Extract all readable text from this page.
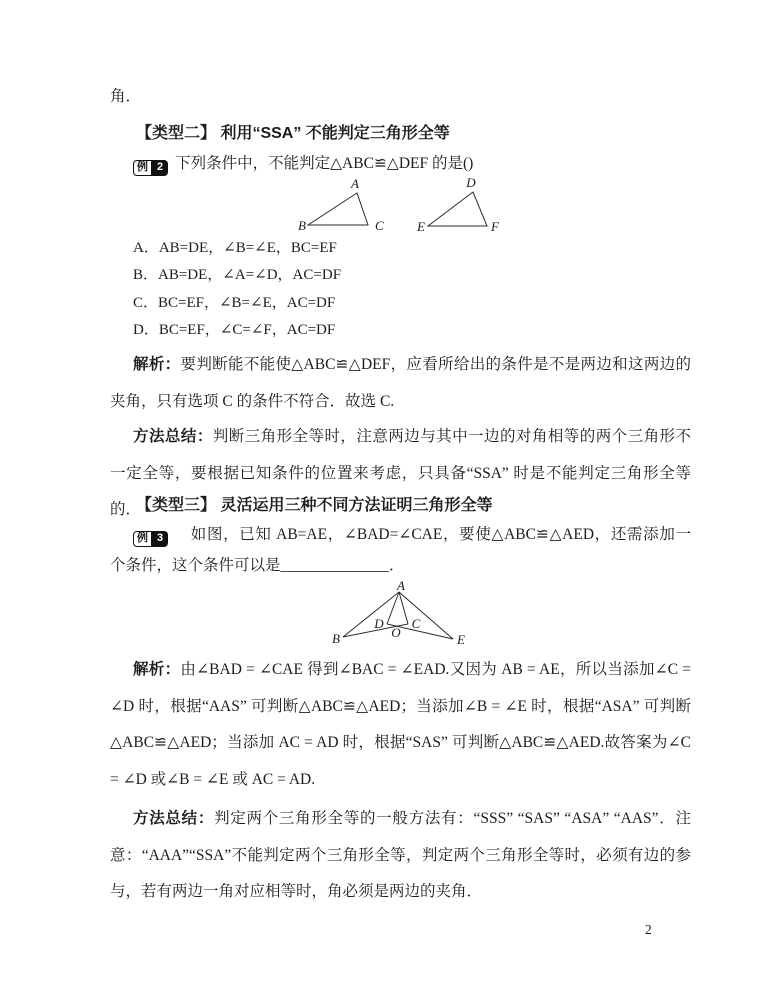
角．

【类型二】 利用“SSA” 不能判定三角形全等

例 2 下列条件中，不能判定△ABC≌△DEF 的是()

A
B	C
D
E	F

A．AB=DE，∠B=∠E，BC=EF

B．AB=DE，∠A=∠D，AC=DF

C．BC=EF，∠B=∠E，AC=DF

D．BC=EF，∠C=∠F，AC=DF

解析：要判断能不能使△ABC≌△DEF，应看所给出的条件是不是两边和这两边的夹角，只有选项 C 的条件不符合．故选 C.

方法总结：判断三角形全等时，注意两边与其中一边的对角相等的两个三角形不一定全等，要根据已知条件的位置来考虑，只具备“SSA” 时是不能判定三角形全等的．

【类型三】 灵活运用三种不同方法证明三角形全等

例 3 如图，已知 AB=AE，∠BAD=∠CAE，要使△ABC≌△AED，还需添加一个条件，这个条件可以是______________．

A
B
D C
O	E

解析：由∠BAD = ∠CAE 得到∠BAC = ∠EAD.又因为 AB = AE，所以当添加∠C = ∠D 时，根据“AAS” 可判断△ABC≌△AED；当添加∠B = ∠E 时，根据“ASA” 可判断△ABC≌△AED；当添加 AC = AD 时，根据“SAS” 可判断△ABC≌△AED.故答案为∠C = ∠D 或∠B = ∠E 或 AC = AD.

方法总结：判定两个三角形全等的一般方法有：“SSS” “SAS” “ASA” “AAS”．注意：“AAA”“SSA”不能判定两个三角形全等，判定两个三角形全等时，必须有边的参与，若有两边一角对应相等时，角必须是两边的夹角．

2
